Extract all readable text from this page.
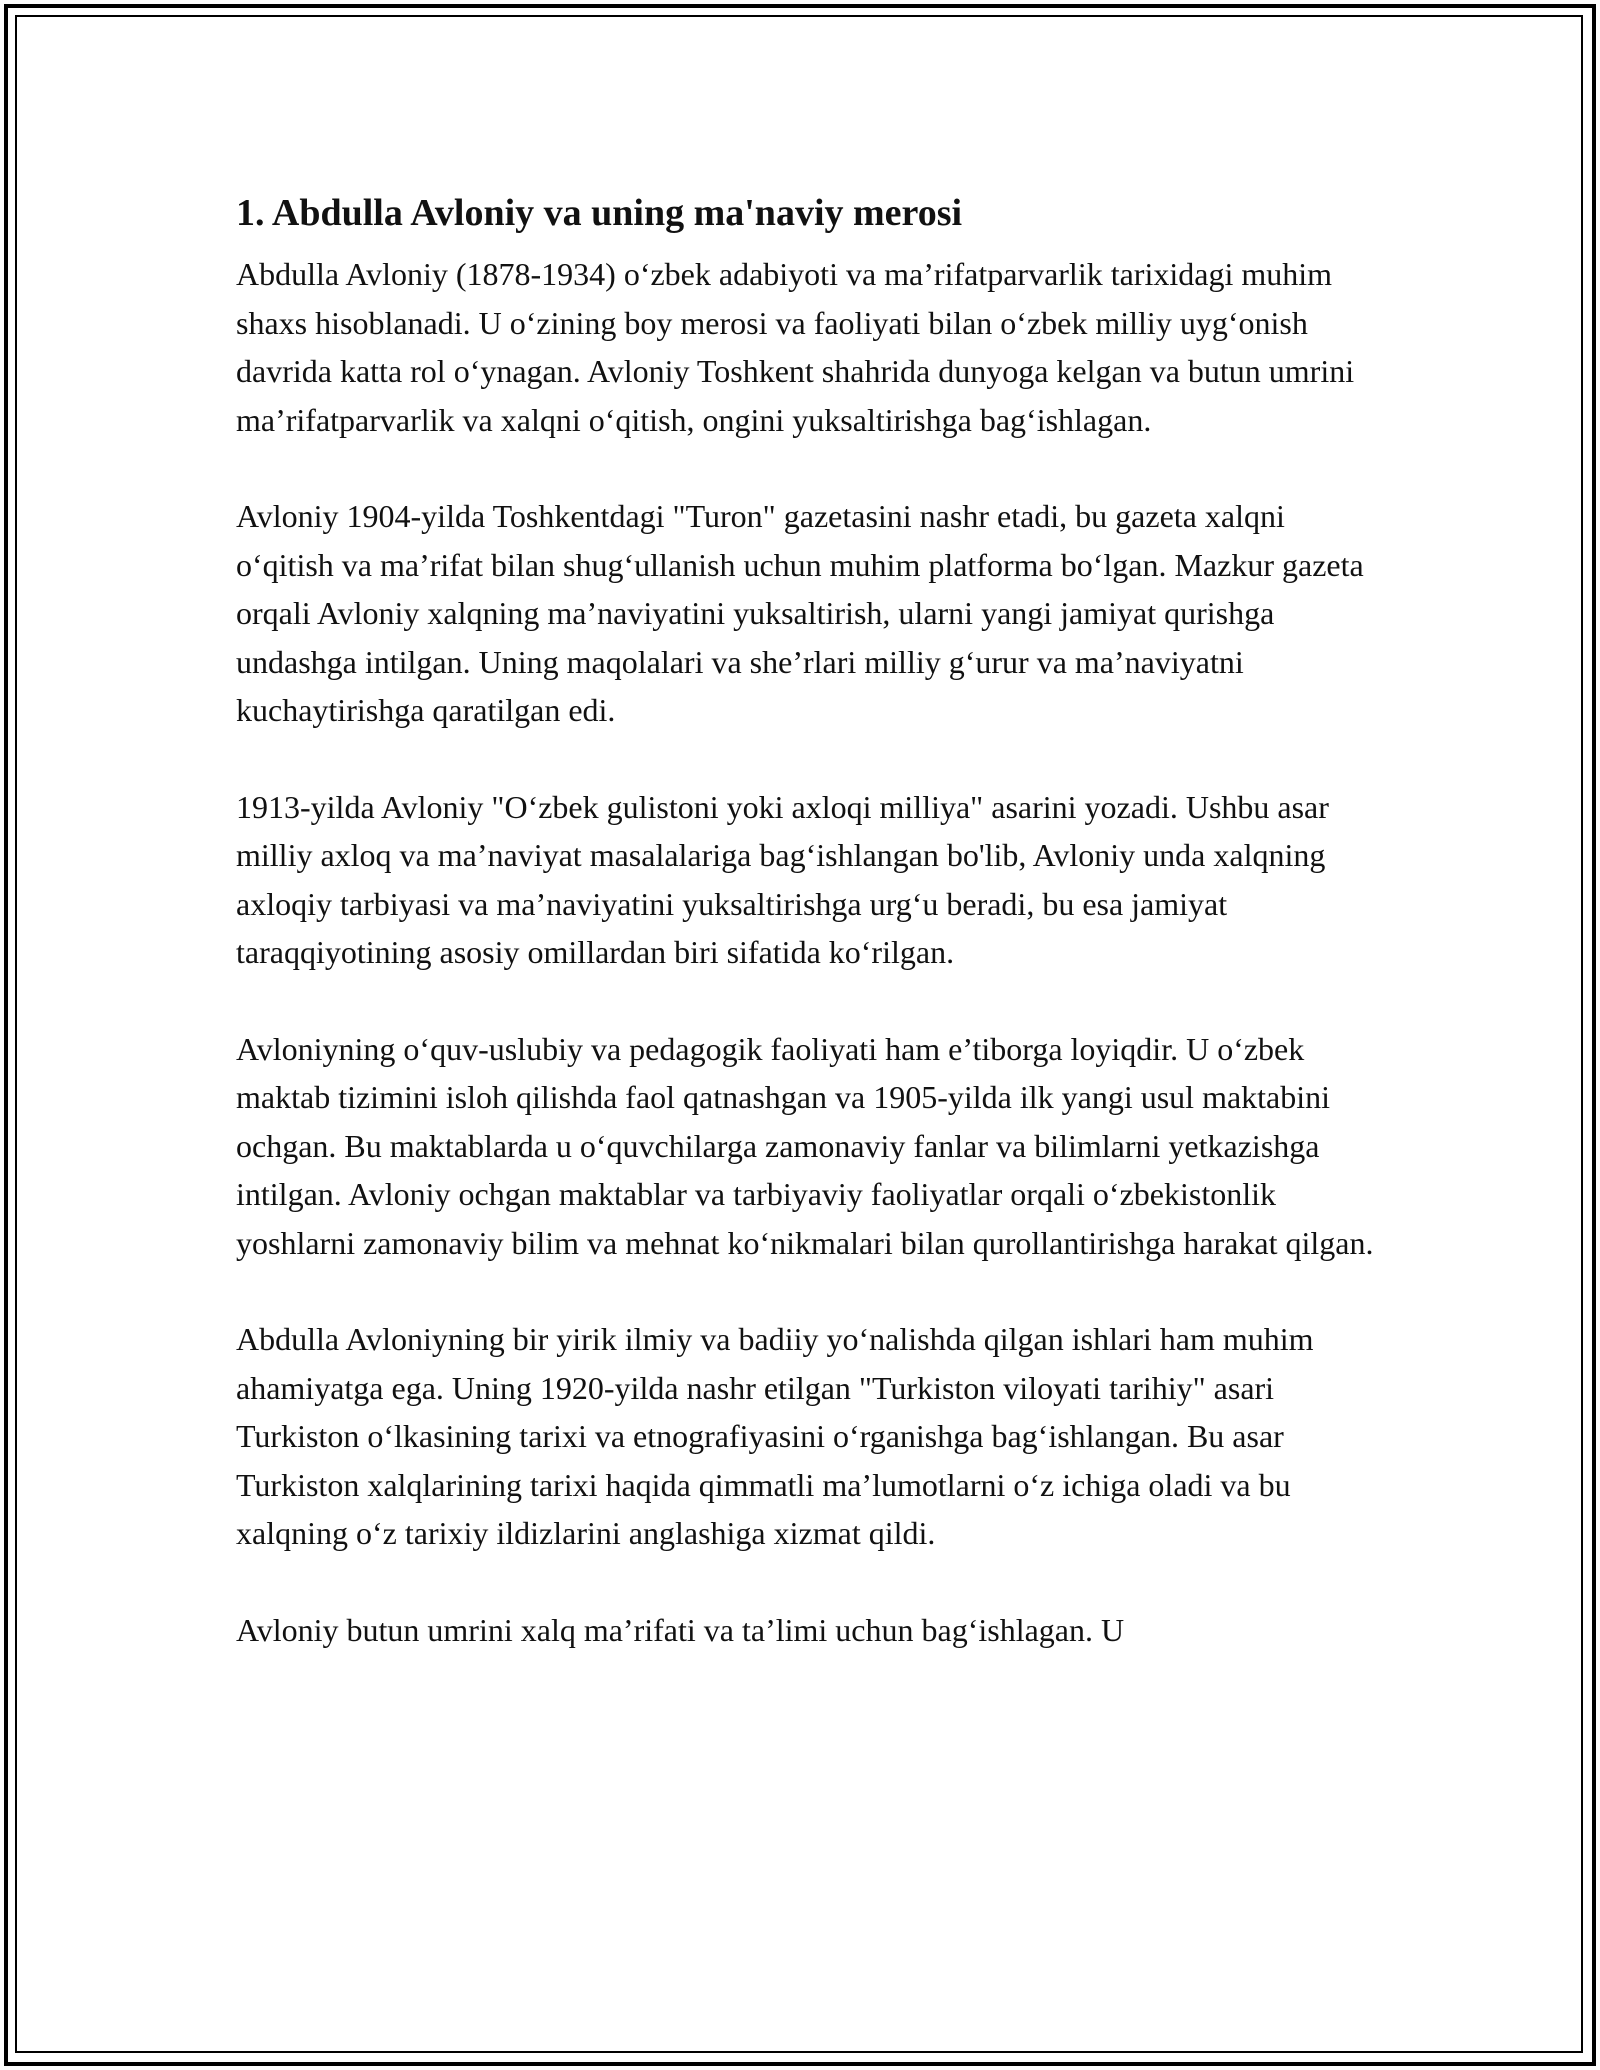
1. Abdulla Avloniy va uning ma'naviy merosi

Abdulla Avloniy (1878-1934) o‘zbek adabiyoti va ma’rifatparvarlik tarixidagi muhim shaxs hisoblanadi. U o‘zining boy merosi va faoliyati bilan o‘zbek milliy uyg‘onish davrida katta rol o‘ynagan. Avloniy Toshkent shahrida dunyoga kelgan va butun umrini ma’rifatparvarlik va xalqni o‘qitish, ongini yuksaltirishga bag‘ishlagan.

Avloniy 1904-yilda Toshkentdagi "Turon" gazetasini nashr etadi, bu gazeta xalqni o‘qitish va ma’rifat bilan shug‘ullanish uchun muhim platforma bo‘lgan. Mazkur gazeta orqali Avloniy xalqning ma’naviyatini yuksaltirish, ularni yangi jamiyat qurishga undashga intilgan. Uning maqolalari va she’rlari milliy g‘urur va ma’naviyatni kuchaytirishga qaratilgan edi.

1913-yilda Avloniy "O‘zbek gulistoni yoki axloqi milliya" asarini yozadi. Ushbu asar milliy axloq va ma’naviyat masalalariga bag‘ishlangan bo'lib, Avloniy unda xalqning axloqiy tarbiyasi va ma’naviyatini yuksaltirishga urg‘u beradi, bu esa jamiyat taraqqiyotining asosiy omillardan biri sifatida ko‘rilgan.

Avloniyning o‘quv-uslubiy va pedagogik faoliyati ham e’tiborga loyiqdir. U o‘zbek maktab tizimini isloh qilishda faol qatnashgan va 1905-yilda ilk yangi usul maktabini ochgan. Bu maktablarda u o‘quvchilarga zamonaviy fanlar va bilimlarni yetkazishga intilgan. Avloniy ochgan maktablar va tarbiyaviy faoliyatlar orqali o‘zbekistonlik yoshlarni zamonaviy bilim va mehnat ko‘nikmalari bilan qurollantirishga harakat qilgan.

Abdulla Avloniyning bir yirik ilmiy va badiiy yo‘nalishda qilgan ishlari ham muhim ahamiyatga ega. Uning 1920-yilda nashr etilgan "Turkiston viloyati tarihiy" asari Turkiston o‘lkasining tarixi va etnografiyasini o‘rganishga bag‘ishlangan. Bu asar Turkiston xalqlarining tarixi haqida qimmatli ma’lumotlarni o‘z ichiga oladi va bu xalqning o‘z tarixiy ildizlarini anglashiga xizmat qildi.

Avloniy butun umrini xalq ma’rifati va ta’limi uchun bag‘ishlagan. U
